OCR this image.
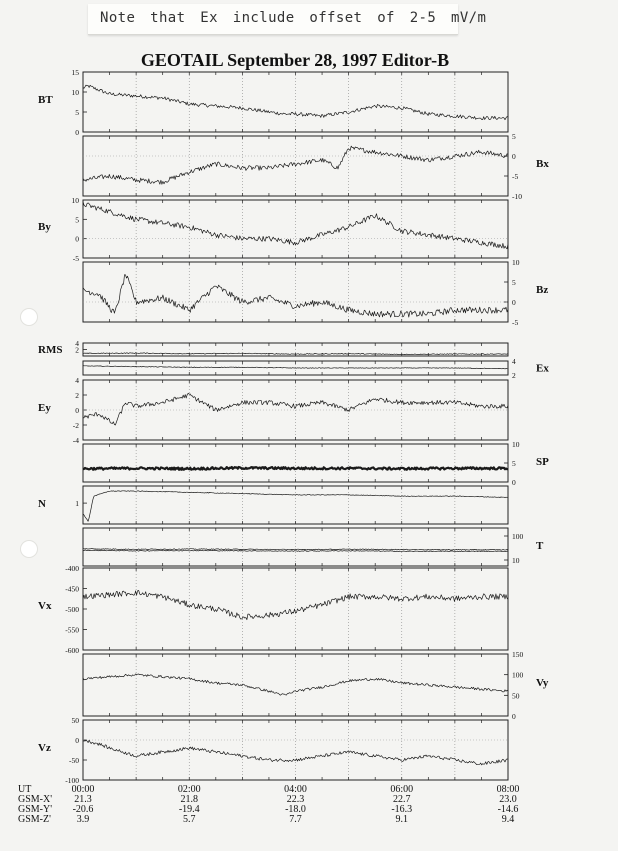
Note that Ex include offset of 2-5 mV/m
GEOTAIL September 28, 1997 Editor-B
15
10
5
0
BT
5
0
-5
-10
Bx
10
5
0
-5
By
10
5
0
-5
Bz
4
2
RMS
4
2
Ex
4
2
0
-2
-4
Ey
10
5
0
SP
1
N
100
10
T
-400
-450
-500
-550
-600
Vx
150
100
50
0
Vy
50
0
-50
-100
Vz
UT	00:00	02:00	04:00	06:00	08:00
GSM-X'	21.3	21.8	22.3	22.7	23.0
GSM-Y'	-20.6	-19.4	-18.0	-16.3	-14.6
GSM-Z'	3.9	5.7	7.7	9.1	9.4
